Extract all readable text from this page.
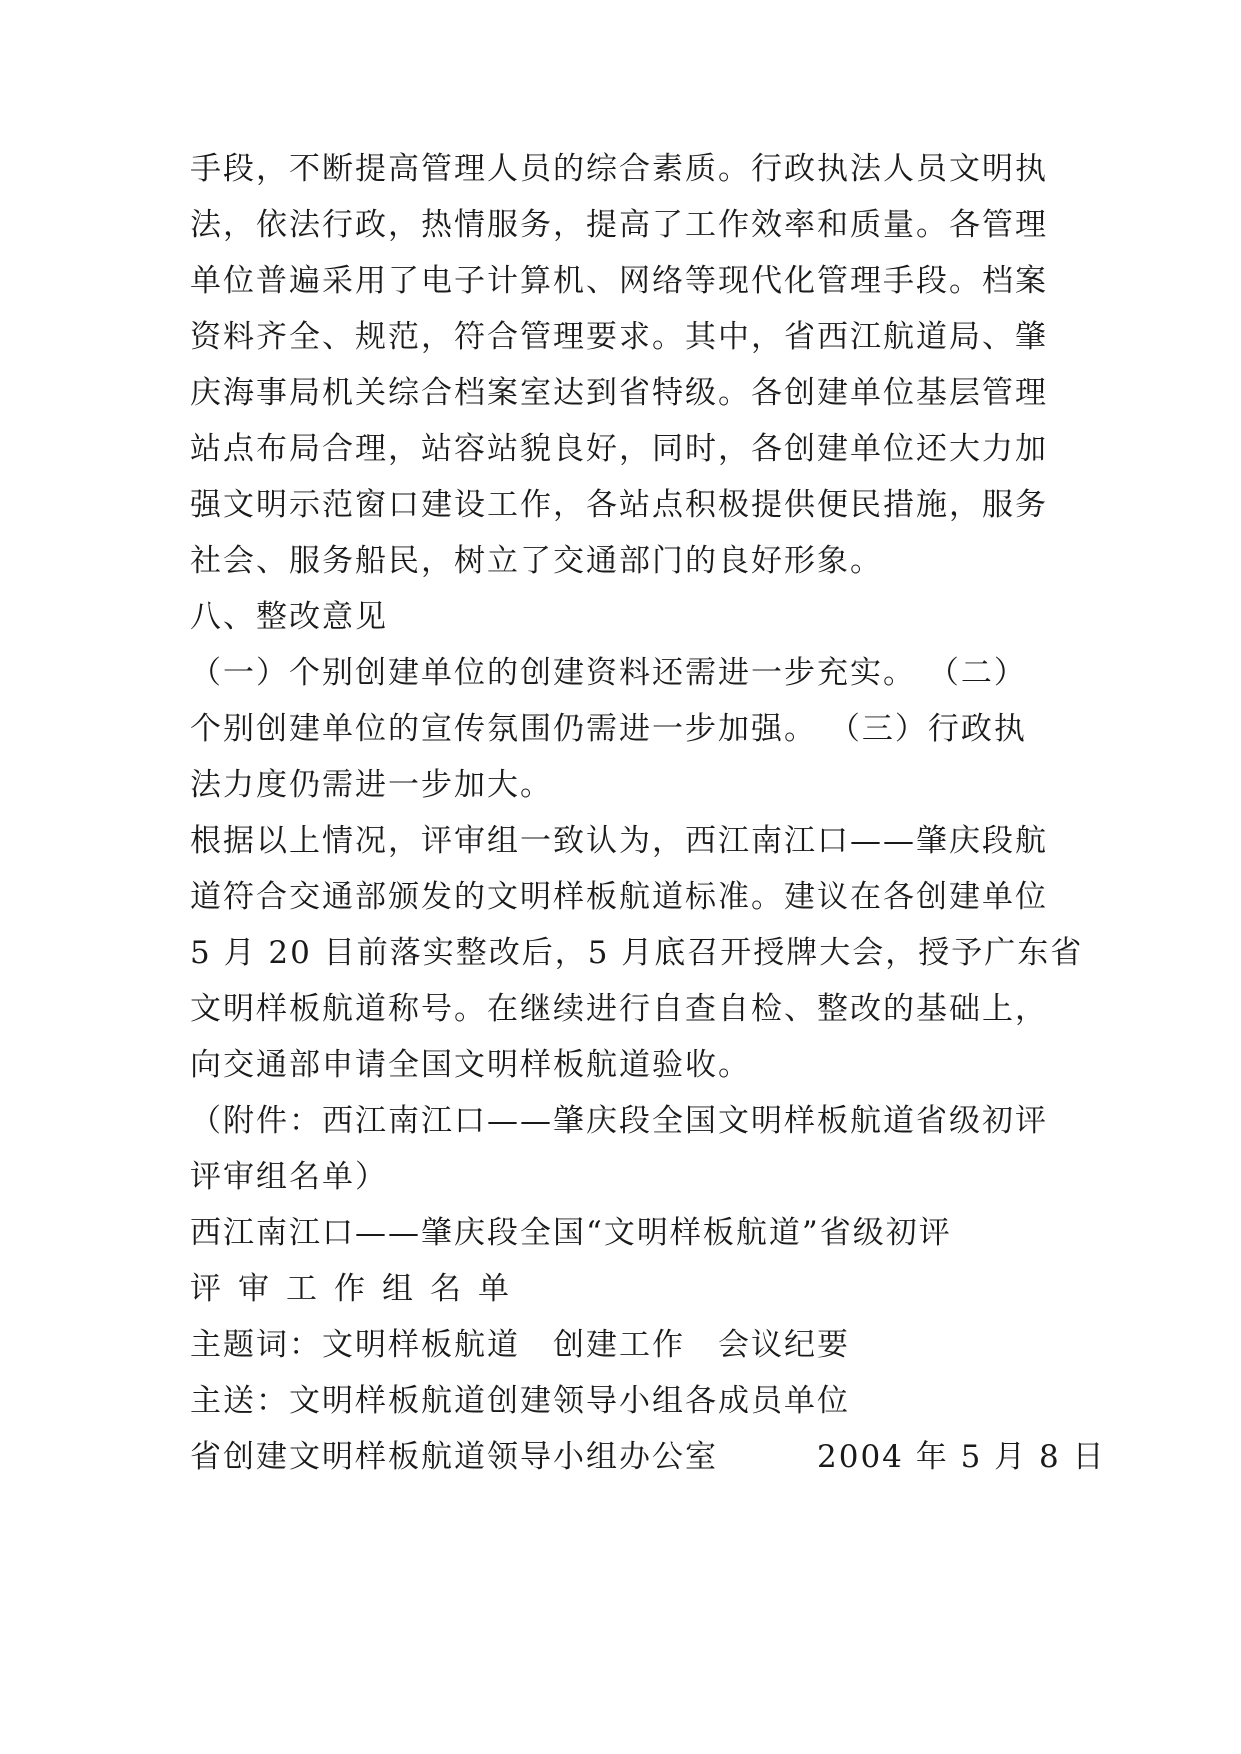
手段，不断提高管理人员的综合素质。行政执法人员文明执
法，依法行政，热情服务，提高了工作效率和质量。各管理
单位普遍采用了电子计算机、网络等现代化管理手段。档案
资料齐全、规范，符合管理要求。其中，省西江航道局、肇
庆海事局机关综合档案室达到省特级。各创建单位基层管理
站点布局合理，站容站貌良好，同时，各创建单位还大力加
强文明示范窗口建设工作，各站点积极提供便民措施，服务
社会、服务船民，树立了交通部门的良好形象。
八、整改意见
（一）个别创建单位的创建资料还需进一步充实。 （二）
个别创建单位的宣传氛围仍需进一步加强。 （三）行政执
法力度仍需进一步加大。
根据以上情况，评审组一致认为，西江南江口——肇庆段航
道符合交通部颁发的文明样板航道标准。建议在各创建单位
5 月 20 目前落实整改后，5 月底召开授牌大会，授予广东省
文明样板航道称号。在继续进行自查自检、整改的基础上，
向交通部申请全国文明样板航道验收。
（附件：西江南江口——肇庆段全国文明样板航道省级初评
评审组名单）
西江南江口——肇庆段全国“文明样板航道”省级初评
评审工作组名单
主题词：文明样板航道　创建工作　会议纪要
主送：文明样板航道创建领导小组各成员单位
省创建文明样板航道领导小组办公室　　　2004 年 5 月 8 日
